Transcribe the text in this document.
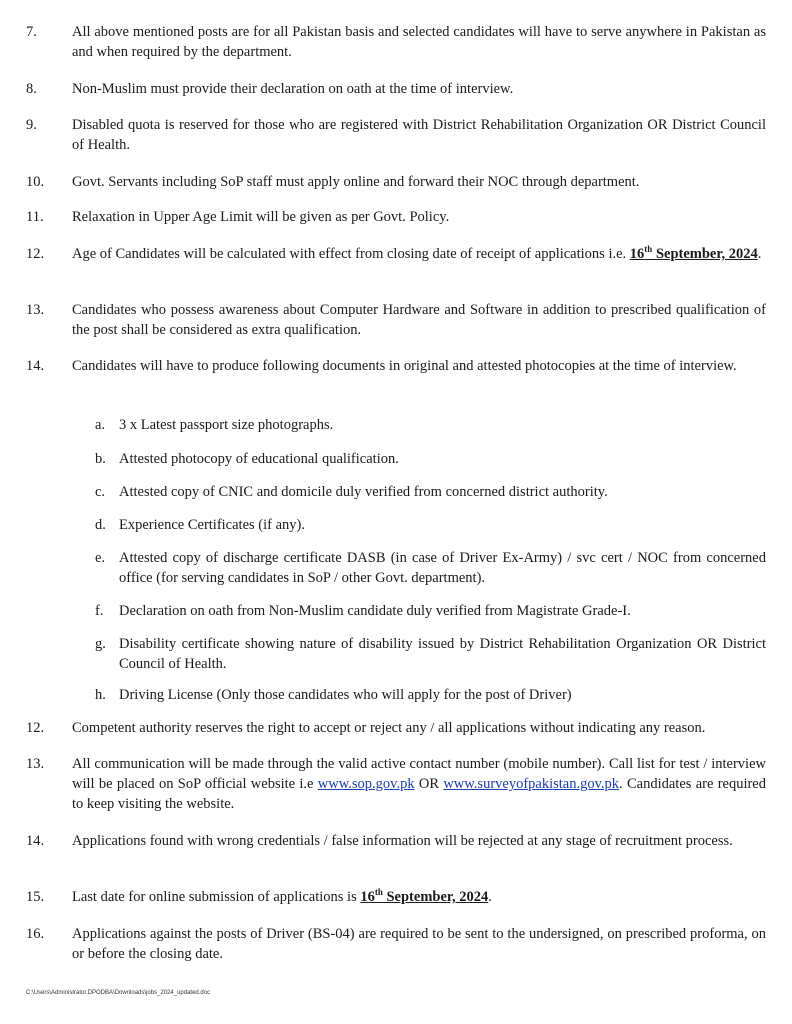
7. All above mentioned posts are for all Pakistan basis and selected candidates will have to serve anywhere in Pakistan as and when required by the department.
8. Non-Muslim must provide their declaration on oath at the time of interview.
9. Disabled quota is reserved for those who are registered with District Rehabilitation Organization OR District Council of Health.
10. Govt. Servants including SoP staff must apply online and forward their NOC through department.
11. Relaxation in Upper Age Limit will be given as per Govt. Policy.
12. Age of Candidates will be calculated with effect from closing date of receipt of applications i.e. 16th September, 2024.
13. Candidates who possess awareness about Computer Hardware and Software in addition to prescribed qualification of the post shall be considered as extra qualification.
14. Candidates will have to produce following documents in original and attested photocopies at the time of interview.
a. 3 x Latest passport size photographs.
b. Attested photocopy of educational qualification.
c. Attested copy of CNIC and domicile duly verified from concerned district authority.
d. Experience Certificates (if any).
e. Attested copy of discharge certificate DASB (in case of Driver Ex-Army) / svc cert / NOC from concerned office (for serving candidates in SoP / other Govt. department).
f. Declaration on oath from Non-Muslim candidate duly verified from Magistrate Grade-I.
g. Disability certificate showing nature of disability issued by District Rehabilitation Organization OR District Council of Health.
h. Driving License (Only those candidates who will apply for the post of Driver)
12. Competent authority reserves the right to accept or reject any / all applications without indicating any reason.
13. All communication will be made through the valid active contact number (mobile number). Call list for test / interview will be placed on SoP official website i.e www.sop.gov.pk OR www.surveyofpakistan.gov.pk. Candidates are required to keep visiting the website.
14. Applications found with wrong credentials / false information will be rejected at any stage of recruitment process.
15. Last date for online submission of applications is 16th September, 2024.
16. Applications against the posts of Driver (BS-04) are required to be sent to the undersigned, on prescribed proforma, on or before the closing date.
C:\Users\Administrator.DPODBA\Downloads\jobs_2024_updated.doc
